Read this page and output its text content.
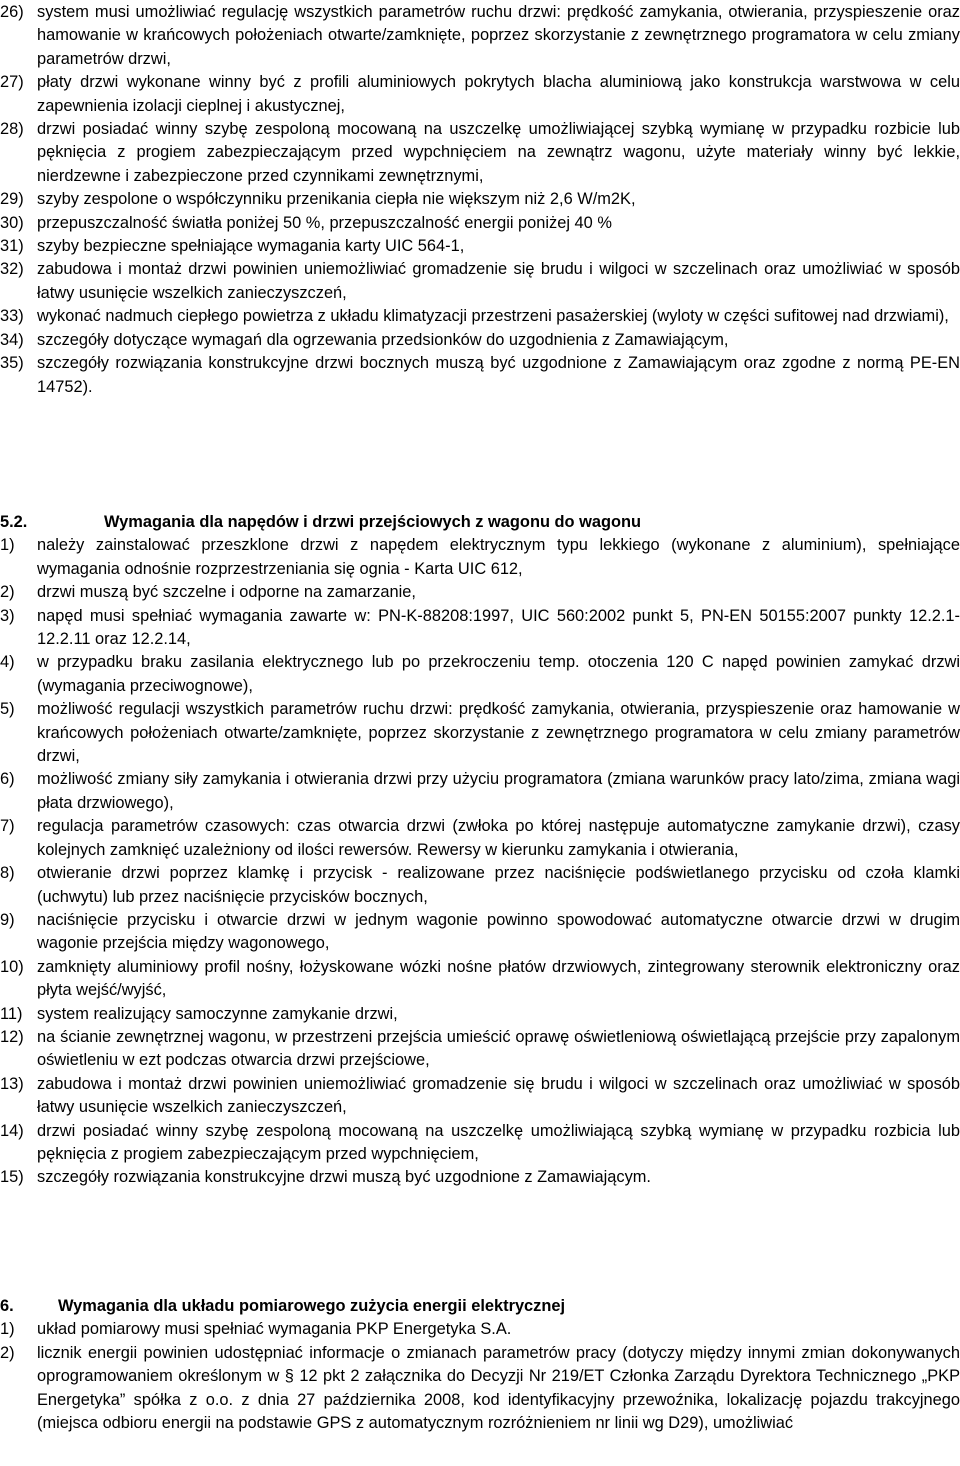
26) system musi umożliwiać regulację wszystkich parametrów ruchu drzwi: prędkość zamykania, otwierania, przyspieszenie oraz hamowanie w krańcowych położeniach otwarte/zamknięte, poprzez skorzystanie z zewnętrznego programatora w celu zmiany parametrów drzwi,
27) płaty drzwi wykonane winny być z profili aluminiowych pokrytych blacha aluminiową jako konstrukcja warstwowa w celu zapewnienia izolacji cieplnej i akustycznej,
28) drzwi posiadać winny szybę zespoloną mocowaną na uszczelkę umożliwiającej szybką wymianę w przypadku rozbicie lub pęknięcia z progiem zabezpieczającym przed wypchnięciem na zewnątrz wagonu, użyte materiały winny być lekkie, nierdzewne i zabezpieczone przed czynnikami zewnętrznymi,
29) szyby zespolone o współczynniku przenikania ciepła nie większym niż 2,6 W/m2K,
30) przepuszczalność światła poniżej 50 %, przepuszczalność energii poniżej 40 %
31) szyby bezpieczne spełniające wymagania karty UIC 564-1,
32) zabudowa i montaż drzwi powinien uniemożliwiać gromadzenie się brudu i wilgoci w szczelinach oraz umożliwiać w sposób łatwy usunięcie wszelkich zanieczyszczeń,
33) wykonać nadmuch ciepłego powietrza z układu klimatyzacji przestrzeni pasażerskiej (wyloty w części sufitowej nad drzwiami),
34) szczegóły dotyczące wymagań dla ogrzewania przedsionków do uzgodnienia z Zamawiającym,
35) szczegóły rozwiązania konstrukcyjne drzwi bocznych muszą być uzgodnione z Zamawiającym oraz zgodne z normą PE-EN 14752).
5.2.	Wymagania dla napędów i drzwi przejściowych z wagonu do wagonu
1)	należy zainstalować przeszklone drzwi z napędem elektrycznym typu lekkiego (wykonane z aluminium), spełniające wymagania odnośnie rozprzestrzeniania się ognia - Karta UIC 612,
2)	drzwi muszą być szczelne i odporne na zamarzanie,
3)	napęd musi spełniać wymagania zawarte w: PN-K-88208:1997, UIC 560:2002 punkt 5, PN-EN 50155:2007 punkty 12.2.1-12.2.11 oraz 12.2.14,
4)	w przypadku braku zasilania elektrycznego lub po przekroczeniu temp. otoczenia 120 C napęd powinien zamykać drzwi (wymagania przeciwognowe),
5)	możliwość regulacji wszystkich parametrów ruchu drzwi: prędkość zamykania, otwierania, przyspieszenie oraz hamowanie w krańcowych położeniach otwarte/zamknięte, poprzez skorzystanie z zewnętrznego programatora w celu zmiany parametrów drzwi,
6)	możliwość zmiany siły zamykania i otwierania drzwi przy użyciu programatora (zmiana warunków pracy lato/zima, zmiana wagi płata drzwiowego),
7)	regulacja parametrów czasowych: czas otwarcia drzwi (zwłoka po której następuje automatyczne zamykanie drzwi), czasy kolejnych zamknięć uzależniony od ilości rewersów. Rewersy w kierunku zamykania i otwierania,
8)	otwieranie drzwi poprzez klamkę i przycisk - realizowane przez naciśnięcie podświetlanego przycisku od czoła klamki (uchwytu) lub przez naciśnięcie przycisków bocznych,
9)	naciśnięcie przycisku i otwarcie drzwi w jednym wagonie powinno spowodować automatyczne otwarcie drzwi w drugim wagonie przejścia między wagonowego,
10) zamknięty aluminiowy profil nośny, łożyskowane wózki nośne płatów drzwiowych, zintegrowany sterownik elektroniczny oraz płyta wejść/wyjść,
11) system realizujący samoczynne zamykanie drzwi,
12) na ścianie zewnętrznej wagonu, w przestrzeni przejścia umieścić oprawę oświetleniową oświetlającą przejście przy zapalonym oświetleniu w ezt podczas otwarcia drzwi przejściowe,
13) zabudowa i montaż drzwi powinien uniemożliwiać gromadzenie się brudu i wilgoci w szczelinach oraz umożliwiać w sposób łatwy usunięcie wszelkich zanieczyszczeń,
14) drzwi posiadać winny szybę zespoloną mocowaną na uszczelkę umożliwiającą szybką wymianę w przypadku rozbicia lub pęknięcia z progiem zabezpieczającym przed wypchnięciem,
15) szczegóły rozwiązania konstrukcyjne drzwi muszą być uzgodnione z Zamawiającym.
6.	Wymagania dla układu pomiarowego zużycia energii elektrycznej
1)	układ pomiarowy musi spełniać wymagania PKP Energetyka S.A.
2)	licznik energii powinien udostępniać informacje o zmianach parametrów pracy (dotyczy między innymi zmian dokonywanych oprogramowaniem określonym w § 12 pkt 2 załącznika do Decyzji Nr 219/ET Członka Zarządu Dyrektora Technicznego „PKP Energetyka” spółka z o.o. z dnia 27 października 2008, kod identyfikacyjny przewoźnika, lokalizację pojazdu trakcyjnego (miejsca odbioru energii na podstawie GPS z automatycznym rozróżnieniem nr linii wg D29), umożliwiać
